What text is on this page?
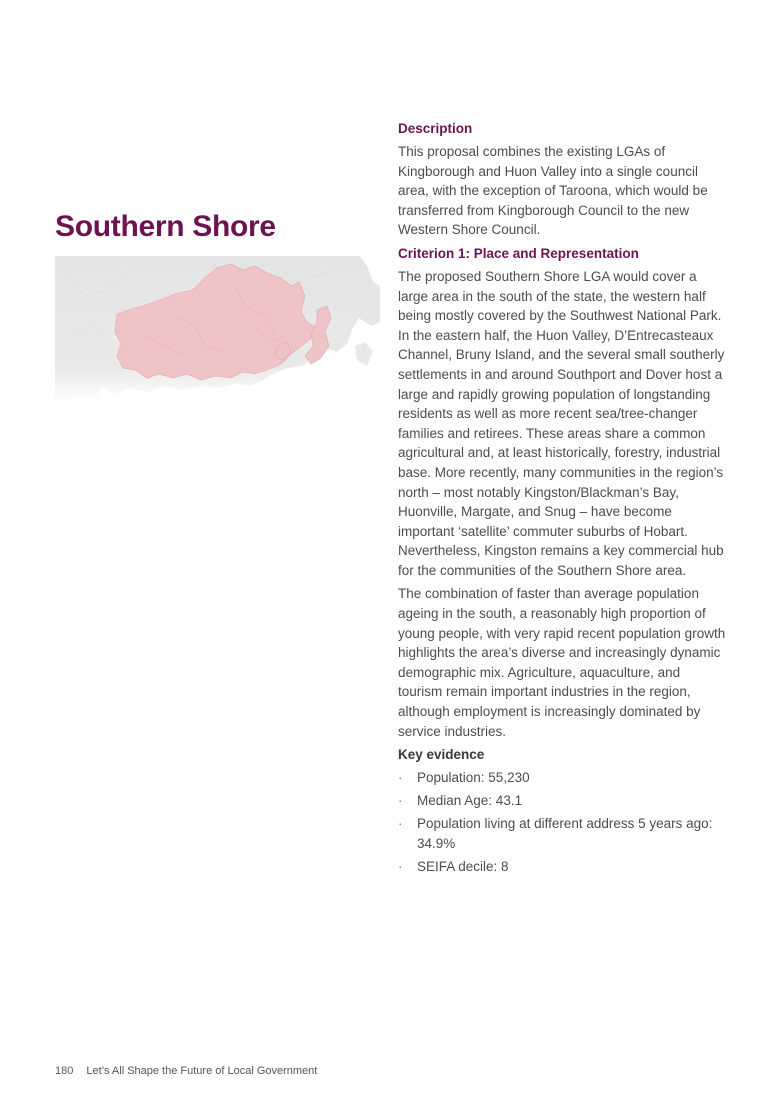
Southern Shore
Description

This proposal combines the existing LGAs of Kingborough and Huon Valley into a single council area, with the exception of Taroona, which would be transferred from Kingborough Council to the new Western Shore Council.

Criterion 1: Place and Representation

The proposed Southern Shore LGA would cover a large area in the south of the state, the western half being mostly covered by the Southwest National Park. In the eastern half, the Huon Valley, D’Entrecasteaux Channel, Bruny Island, and the several small southerly settlements in and around Southport and Dover host a large and rapidly growing population of longstanding residents as well as more recent sea/tree-changer families and retirees. These areas share a common agricultural and, at least historically, forestry, industrial base. More recently, many communities in the region’s north – most notably Kingston/Blackman’s Bay, Huonville, Margate, and Snug – have become important ‘satellite’ commuter suburbs of Hobart. Nevertheless, Kingston remains a key commercial hub for the communities of the Southern Shore area.

The combination of faster than average population ageing in the south, a reasonably high proportion of young people, with very rapid recent population growth highlights the area’s diverse and increasingly dynamic demographic mix. Agriculture, aquaculture, and tourism remain important industries in the region, although employment is increasingly dominated by service industries.

Key evidence
· Population: 55,230
· Median Age: 43.1
· Population living at different address 5 years ago: 34.9%
· SEIFA decile: 8
180 Let’s All Shape the Future of Local Government
